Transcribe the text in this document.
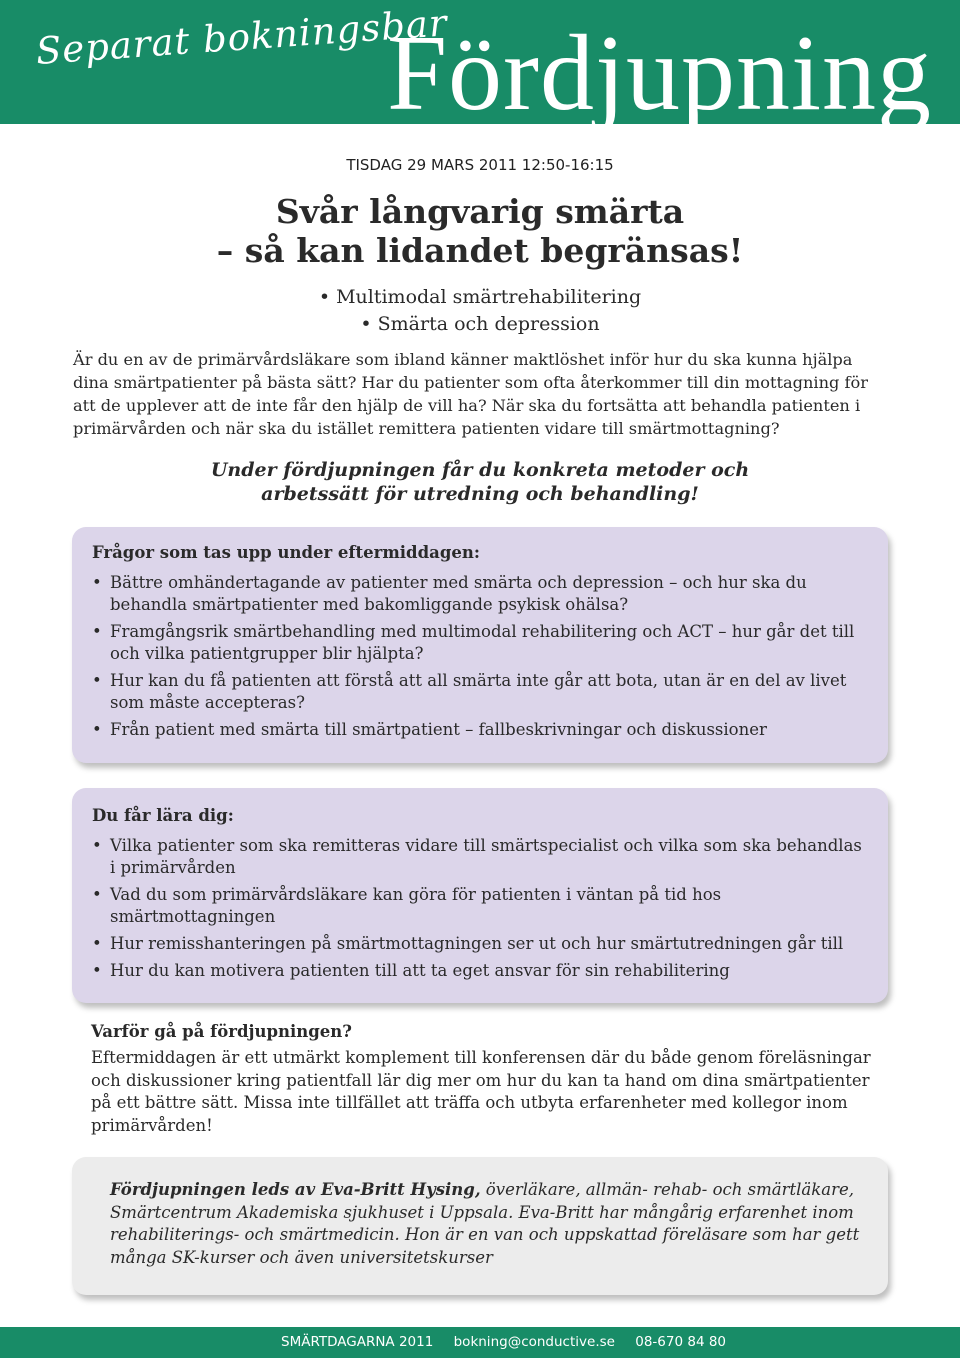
Separat bokningsbar
Fördjupning
TISDAG 29 MARS 2011 12:50-16:15
Svår långvarig smärta
– så kan lidandet begränsas!
• Multimodal smärtrehabilitering
• Smärta och depression
Är du en av de primärvårdsläkare som ibland känner maktlöshet inför hur du ska kunna hjälpa dina smärtpatienter på bästa sätt? Har du patienter som ofta återkommer till din mottagning för att de upplever att de inte får den hjälp de vill ha? När ska du fortsätta att behandla patienten i primärvården och när ska du istället remittera patienten vidare till smärtmottagning?
Under fördjupningen får du konkreta metoder och
arbetssätt för utredning och behandling!
Frågor som tas upp under eftermiddagen:
• Bättre omhändertagande av patienter med smärta och depression – och hur ska du behandla smärtpatienter med bakomliggande psykisk ohälsa?
• Framgångsrik smärtbehandling med multimodal rehabilitering och ACT – hur går det till och vilka patientgrupper blir hjälpta?
• Hur kan du få patienten att förstå att all smärta inte går att bota, utan är en del av livet som måste accepteras?
• Från patient med smärta till smärtpatient – fallbeskrivningar och diskussioner
Du får lära dig:
• Vilka patienter som ska remitteras vidare till smärtspecialist och vilka som ska behandlas i primärvården
• Vad du som primärvårdsläkare kan göra för patienten i väntan på tid hos smärtmottagningen
• Hur remisshanteringen på smärtmottagningen ser ut och hur smärtutredningen går till
• Hur du kan motivera patienten till att ta eget ansvar för sin rehabilitering
Varför gå på fördjupningen?

Eftermiddagen är ett utmärkt komplement till konferensen där du både genom föreläsningar och diskussioner kring patientfall lär dig mer om hur du kan ta hand om dina smärtpatienter på ett bättre sätt. Missa inte tillfället att träffa och utbyta erfarenheter med kollegor inom primärvården!

Fördjupningen leds av Eva-Britt Hysing, överläkare, allmän- rehab- och smärtläkare, Smärtcentrum Akademiska sjukhuset i Uppsala. Eva-Britt har mångårig erfarenhet inom rehabiliterings- och smärtmedicin. Hon är en van och uppskattad föreläsare som har gett många SK-kurser och även universitetskurser

SMÄRTDAGARNA 2011 bokning@conductive.se 08-670 84 80
